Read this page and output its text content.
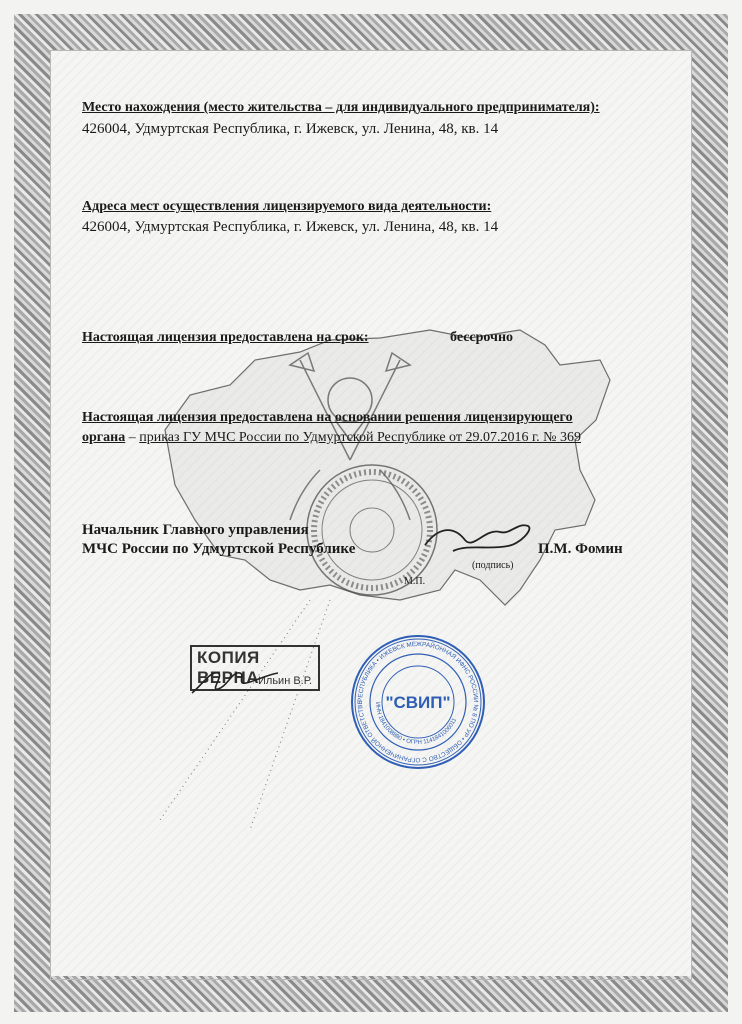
Место нахождения (место жительства – для индивидуального предпринимателя):
426004, Удмуртская Республика, г. Ижевск, ул. Ленина, 48, кв. 14
Адреса мест осуществления лицензируемого вида деятельности:
426004, Удмуртская Республика, г. Ижевск, ул. Ленина, 48, кв. 14
Настоящая лицензия предоставлена на срок:	бессрочно
Настоящая лицензия предоставлена на основании решения лицензирующего
органа – приказ ГУ МЧС России по Удмуртской Республике от 29.07.2016 г. № 369
Начальник Главного управления
МЧС России по Удмуртской Республике	П.М. Фомин
(подпись)
М.П.
КОПИЯ ВЕРНА
Ильин В.Р.
РЕСПУБЛИКА • ИЖЕВСК МЕЖРАЙОННАЯ ИФНС РОССИИ № 8 ПО УР • ОБЩЕСТВО С ОГРАНИЧЕННОЙ ОТВЕТСТВЕ	ИНН 1841008880 • ОГРН 1141841006011
"СВИП"
